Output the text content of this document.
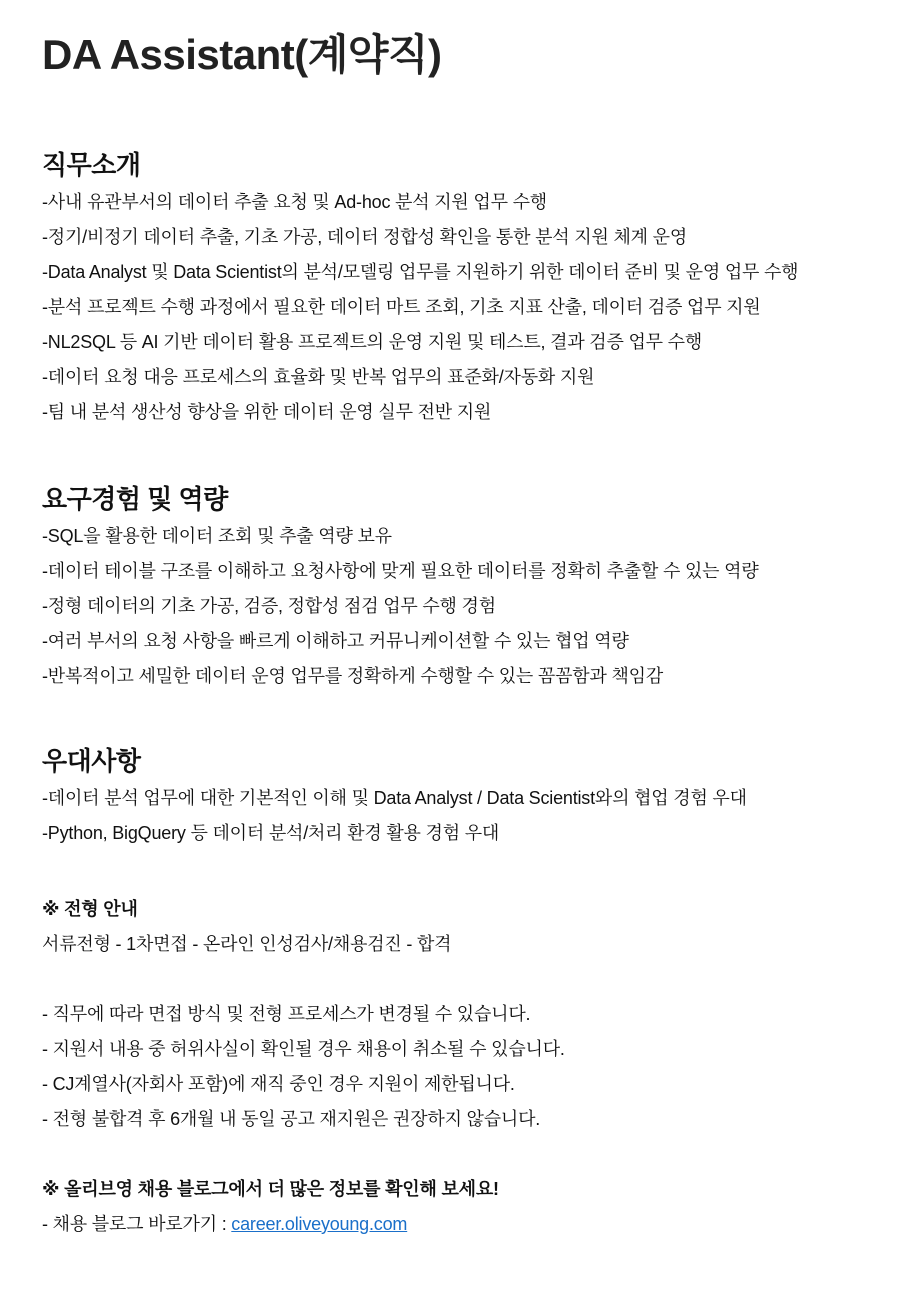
DA Assistant(계약직)
직무소개
-사내 유관부서의 데이터 추출 요청 및 Ad-hoc 분석 지원 업무 수행
-정기/비정기 데이터 추출, 기초 가공, 데이터 정합성 확인을 통한 분석 지원 체계 운영
-Data Analyst 및 Data Scientist의 분석/모델링 업무를 지원하기 위한 데이터 준비 및 운영 업무 수행
-분석 프로젝트 수행 과정에서 필요한 데이터 마트 조회, 기초 지표 산출, 데이터 검증 업무 지원
-NL2SQL 등 AI 기반 데이터 활용 프로젝트의 운영 지원 및 테스트, 결과 검증 업무 수행
-데이터 요청 대응 프로세스의 효율화 및 반복 업무의 표준화/자동화 지원
-팀 내 분석 생산성 향상을 위한 데이터 운영 실무 전반 지원
요구경험 및 역량
-SQL을 활용한 데이터 조회 및 추출 역량 보유
-데이터 테이블 구조를 이해하고 요청사항에 맞게 필요한 데이터를 정확히 추출할 수 있는 역량
-정형 데이터의 기초 가공, 검증, 정합성 점검 업무 수행 경험
-여러 부서의 요청 사항을 빠르게 이해하고 커뮤니케이션할 수 있는 협업 역량
-반복적이고 세밀한 데이터 운영 업무를 정확하게 수행할 수 있는 꼼꼼함과 책임감
우대사항
-데이터 분석 업무에 대한 기본적인 이해 및 Data Analyst / Data Scientist와의 협업 경험 우대
-Python, BigQuery 등 데이터 분석/처리 환경 활용 경험 우대
※ 전형 안내
서류전형 - 1차면접 - 온라인 인성검사/채용검진 - 합격
- 직무에 따라 면접 방식 및 전형 프로세스가 변경될 수 있습니다.
- 지원서 내용 중 허위사실이 확인될 경우 채용이 취소될 수 있습니다.
- CJ계열사(자회사 포함)에 재직 중인 경우 지원이 제한됩니다.
- 전형 불합격 후 6개월 내 동일 공고 재지원은 권장하지 않습니다.
※ 올리브영 채용 블로그에서 더 많은 정보를 확인해 보세요!
- 채용 블로그 바로가기 : career.oliveyoung.com
